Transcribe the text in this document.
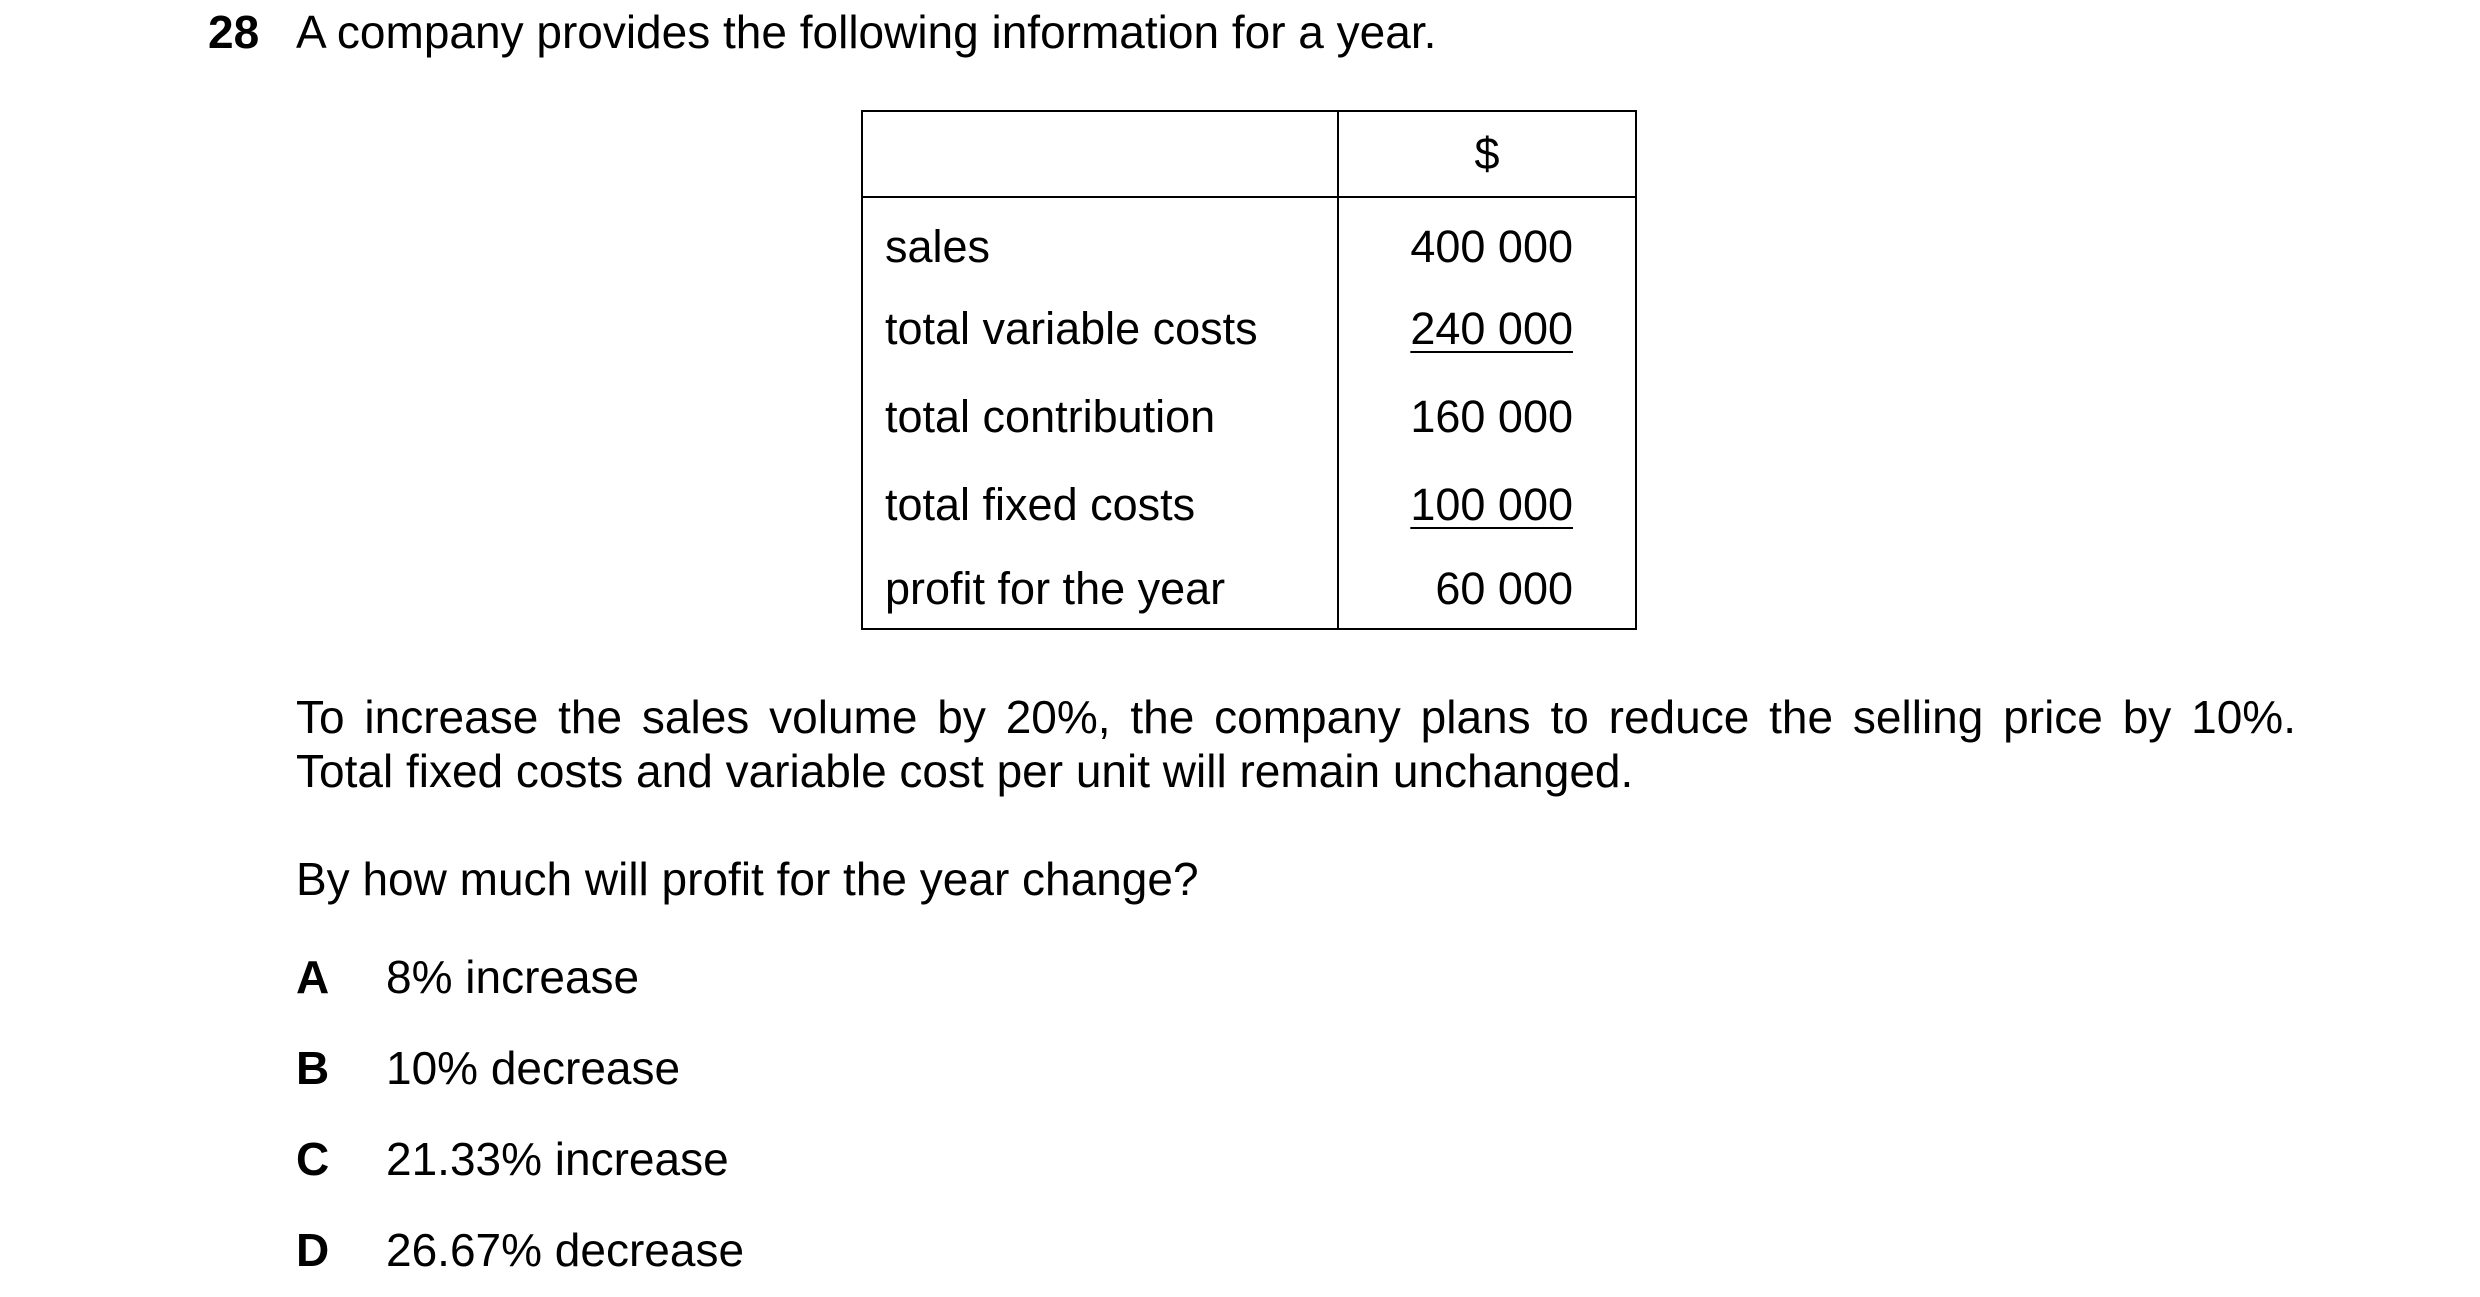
28 A company provides the following information for a year.
	$
sales	400 000
total variable costs	240 000
total contribution	160 000
total fixed costs	100 000
profit for the year	60 000
To increase the sales volume by 20%, the company plans to reduce the selling price by 10%.
Total fixed costs and variable cost per unit will remain unchanged.
By how much will profit for the year change?
A 8% increase
B 10% decrease
C 21.33% increase
D 26.67% decrease
